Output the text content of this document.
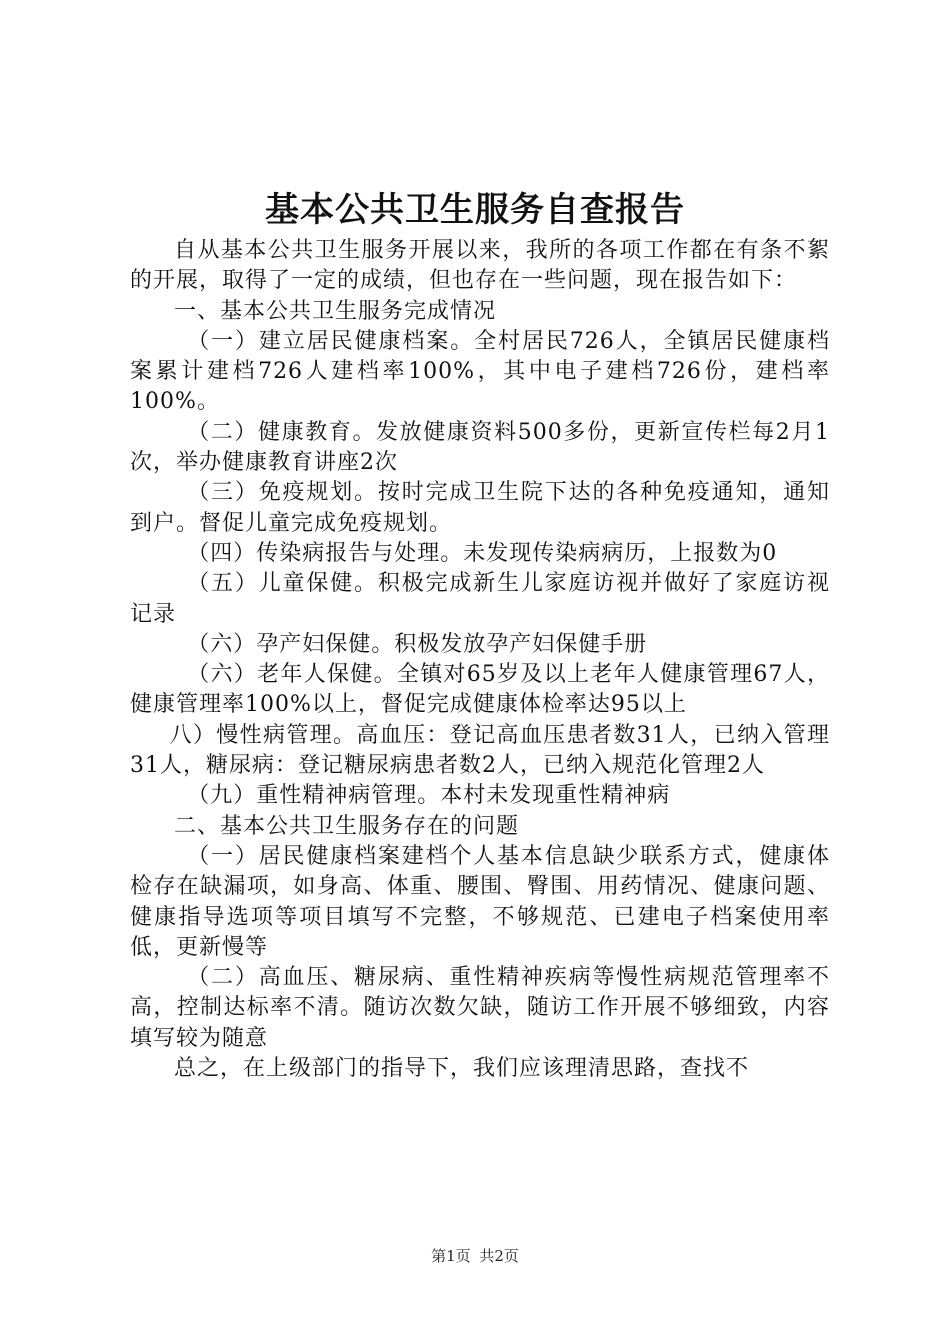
基本公共卫生服务自查报告

自从基本公共卫生服务开展以来，我所的各项工作都在有条不絮的开展，取得了一定的成绩，但也存在一些问题，现在报告如下：

一、基本公共卫生服务完成情况

（一）建立居民健康档案。全村居民726人，全镇居民健康档案累计建档726人建档率100%，其中电子建档726份，建档率100%。

（二）健康教育。发放健康资料500多份，更新宣传栏每2月1次，举办健康教育讲座2次

（三）免疫规划。按时完成卫生院下达的各种免疫通知，通知到户。督促儿童完成免疫规划。

（四）传染病报告与处理。未发现传染病病历，上报数为0

（五）儿童保健。积极完成新生儿家庭访视并做好了家庭访视记录

（六）孕产妇保健。积极发放孕产妇保健手册

（六）老年人保健。全镇对65岁及以上老年人健康管理67人，健康管理率100%以上，督促完成健康体检率达95以上

八）慢性病管理。高血压：登记高血压患者数31人，已纳入管理31人，糖尿病：登记糖尿病患者数2人，已纳入规范化管理2人

（九）重性精神病管理。本村未发现重性精神病

二、基本公共卫生服务存在的问题

（一）居民健康档案建档个人基本信息缺少联系方式，健康体检存在缺漏项，如身高、体重、腰围、臀围、用药情况、健康问题、健康指导选项等项目填写不完整，不够规范、已建电子档案使用率低，更新慢等

（二）高血压、糖尿病、重性精神疾病等慢性病规范管理率不高，控制达标率不清。随访次数欠缺，随访工作开展不够细致，内容填写较为随意

总之，在上级部门的指导下，我们应该理清思路，查找不

第1页 共2页
